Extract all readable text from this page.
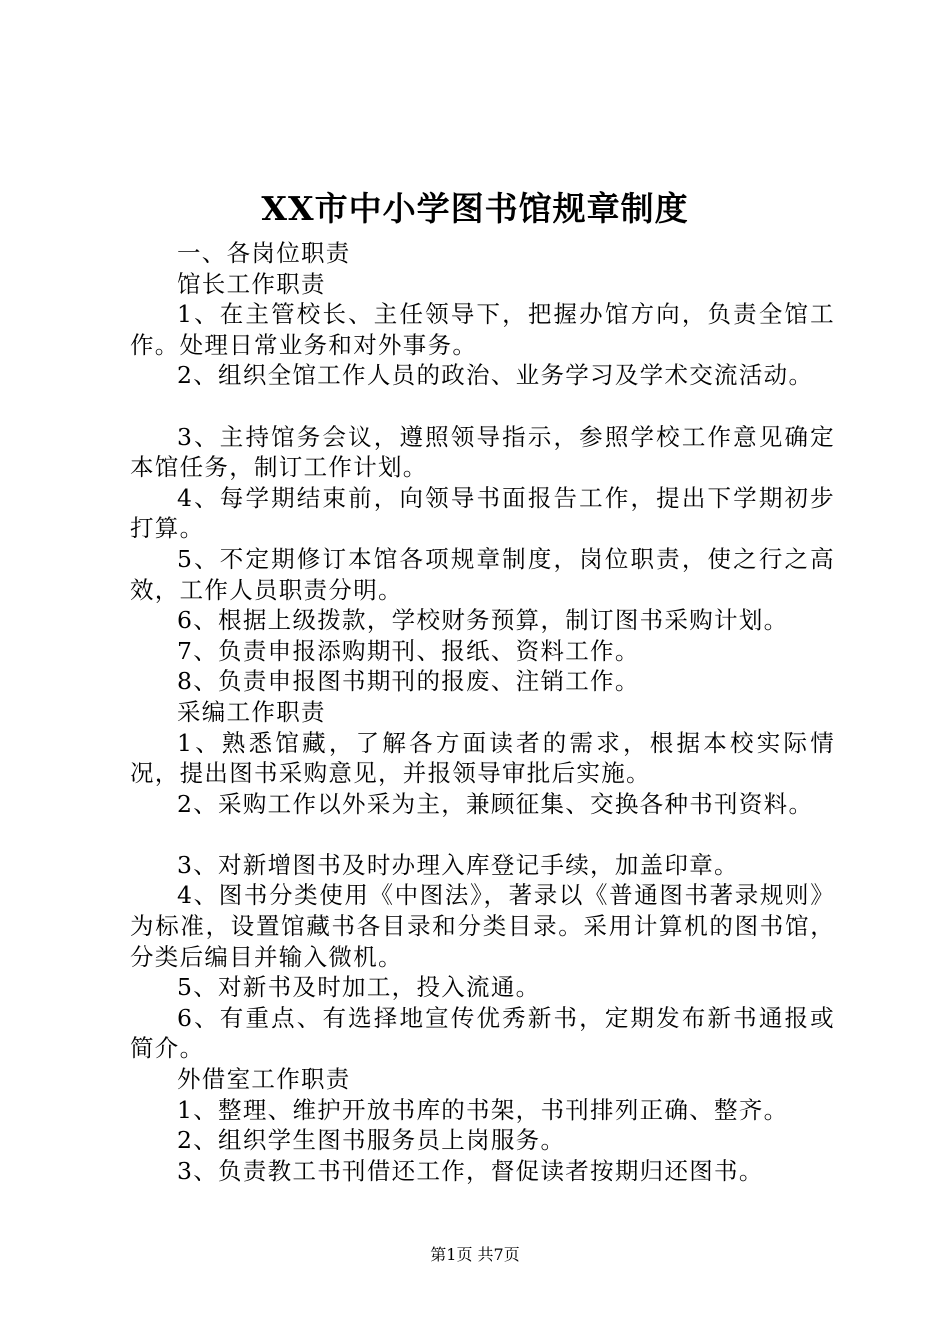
XX市中小学图书馆规章制度

一、各岗位职责

馆长工作职责

1、在主管校长、主任领导下，把握办馆方向，负责全馆工作。处理日常业务和对外事务。

2、组织全馆工作人员的政治、业务学习及学术交流活动。

3、主持馆务会议，遵照领导指示，参照学校工作意见确定本馆任务，制订工作计划。

4、每学期结束前，向领导书面报告工作，提出下学期初步打算。

5、不定期修订本馆各项规章制度，岗位职责，使之行之高效，工作人员职责分明。

6、根据上级拨款，学校财务预算，制订图书采购计划。

7、负责申报添购期刊、报纸、资料工作。

8、负责申报图书期刊的报废、注销工作。

采编工作职责

1、熟悉馆藏，了解各方面读者的需求，根据本校实际情况，提出图书采购意见，并报领导审批后实施。

2、采购工作以外采为主，兼顾征集、交换各种书刊资料。

3、对新增图书及时办理入库登记手续，加盖印章。

4、图书分类使用《中图法》，著录以《普通图书著录规则》为标准，设置馆藏书各目录和分类目录。采用计算机的图书馆，分类后编目并输入微机。

5、对新书及时加工，投入流通。

6、有重点、有选择地宣传优秀新书，定期发布新书通报或简介。

外借室工作职责

1、整理、维护开放书库的书架，书刊排列正确、整齐。

2、组织学生图书服务员上岗服务。

3、负责教工书刊借还工作，督促读者按期归还图书。

第1页 共7页
